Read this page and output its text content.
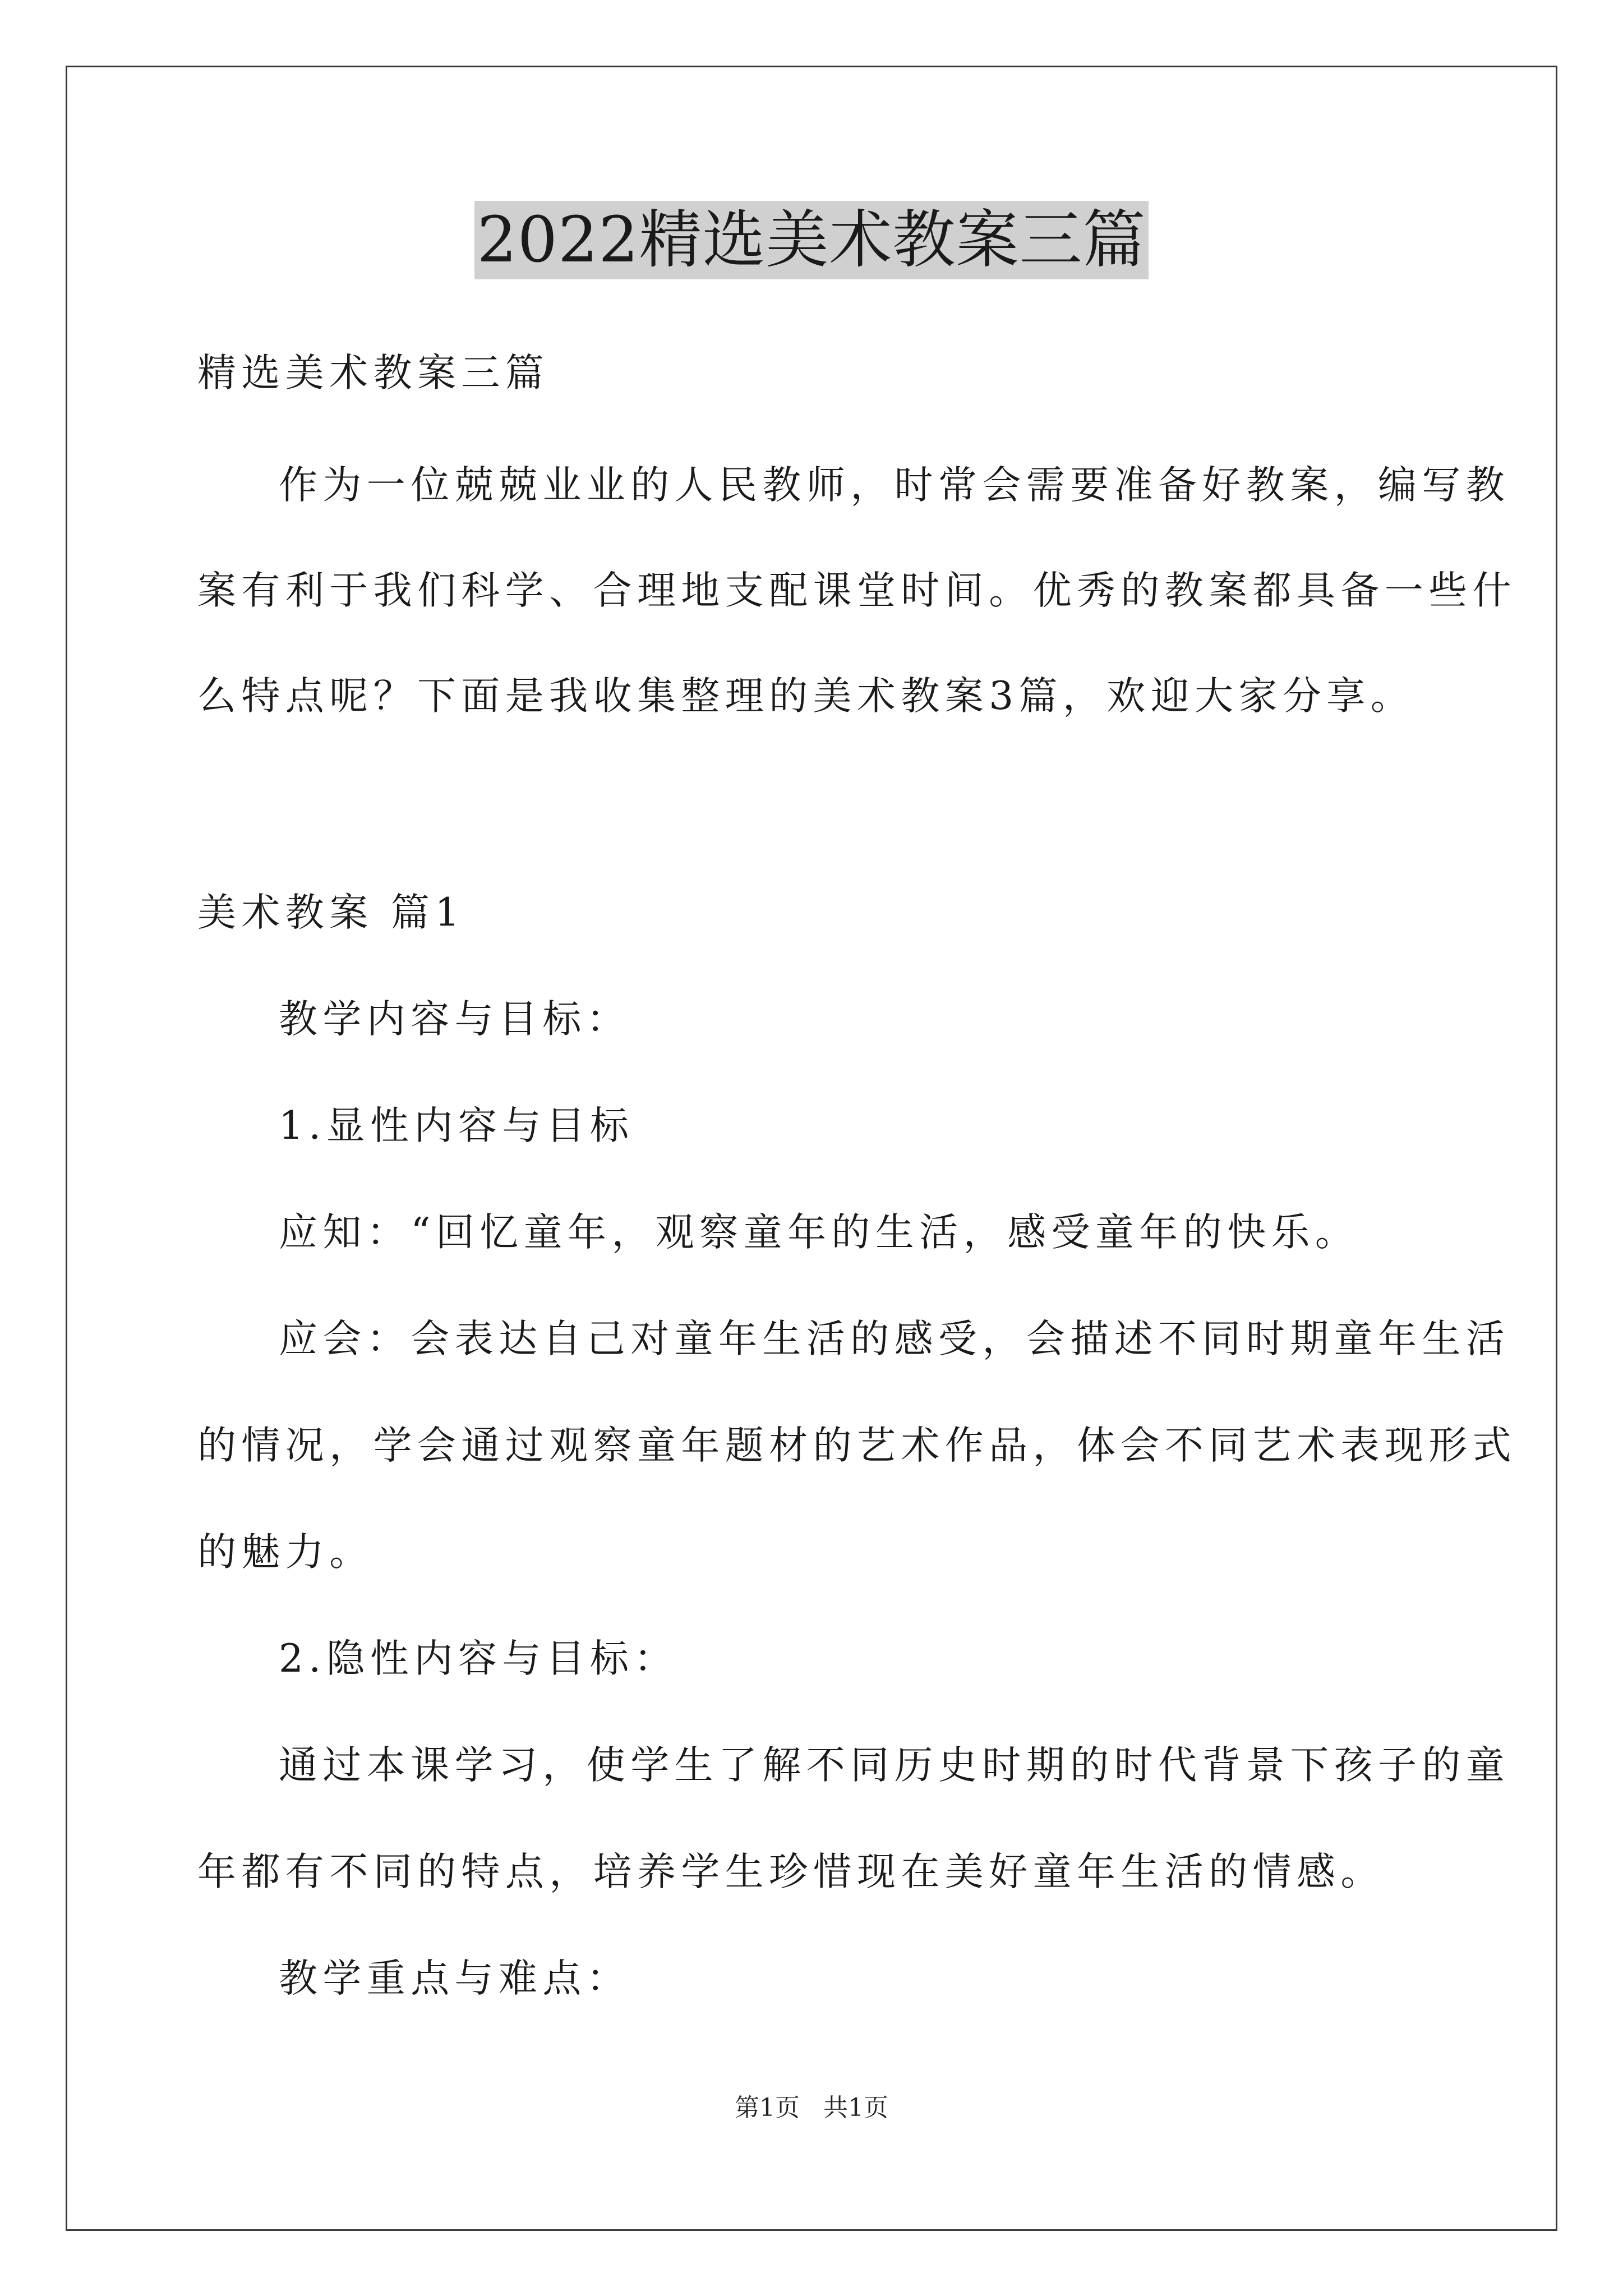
2022精选美术教案三篇
精选美术教案三篇
作为一位兢兢业业的人民教师，时常会需要准备好教案，编写教
案有利于我们科学、合理地支配课堂时间。优秀的教案都具备一些什
么特点呢？下面是我收集整理的美术教案3篇，欢迎大家分享。
美术教案 篇1
教学内容与目标：
1.显性内容与目标
应知：“回忆童年，观察童年的生活，感受童年的快乐。
应会：会表达自己对童年生活的感受，会描述不同时期童年生活
的情况，学会通过观察童年题材的艺术作品，体会不同艺术表现形式
的魅力。
2.隐性内容与目标：
通过本课学习，使学生了解不同历史时期的时代背景下孩子的童
年都有不同的特点，培养学生珍惜现在美好童年生活的情感。
教学重点与难点：
第1页 共1页
